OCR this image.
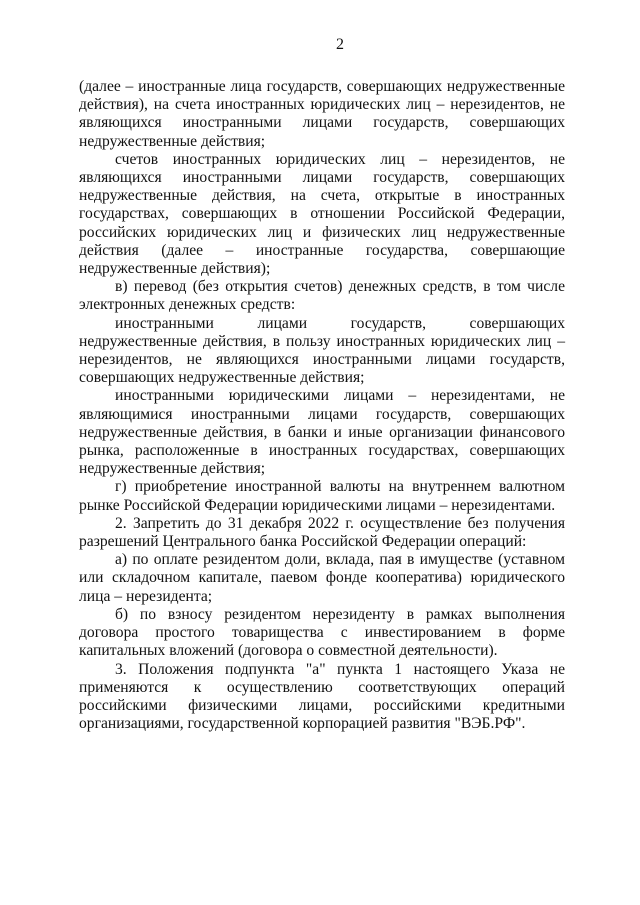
2

(далее – иностранные лица государств, совершающих недружественные действия), на счета иностранных юридических лиц – нерезидентов, не являющихся иностранными лицами государств, совершающих недружественные действия;

счетов иностранных юридических лиц – нерезидентов, не являющихся иностранными лицами государств, совершающих недружественные действия, на счета, открытые в иностранных государствах, совершающих в отношении Российской Федерации, российских юридических лиц и физических лиц недружественные действия (далее – иностранные государства, совершающие недружественные действия);

в) перевод (без открытия счетов) денежных средств, в том числе электронных денежных средств:

иностранными лицами государств, совершающих недружественные действия, в пользу иностранных юридических лиц – нерезидентов, не являющихся иностранными лицами государств, совершающих недружественные действия;

иностранными юридическими лицами – нерезидентами, не являющимися иностранными лицами государств, совершающих недружественные действия, в банки и иные организации финансового рынка, расположенные в иностранных государствах, совершающих недружественные действия;

г) приобретение иностранной валюты на внутреннем валютном рынке Российской Федерации юридическими лицами – нерезидентами.

2. Запретить до 31 декабря 2022 г. осуществление без получения разрешений Центрального банка Российской Федерации операций:

а) по оплате резидентом доли, вклада, пая в имуществе (уставном или складочном капитале, паевом фонде кооператива) юридического лица – нерезидента;

б) по взносу резидентом нерезиденту в рамках выполнения договора простого товарищества с инвестированием в форме капитальных вложений (договора о совместной деятельности).

3. Положения подпункта "а" пункта 1 настоящего Указа не применяются к осуществлению соответствующих операций российскими физическими лицами, российскими кредитными организациями, государственной корпорацией развития "ВЭБ.РФ".
